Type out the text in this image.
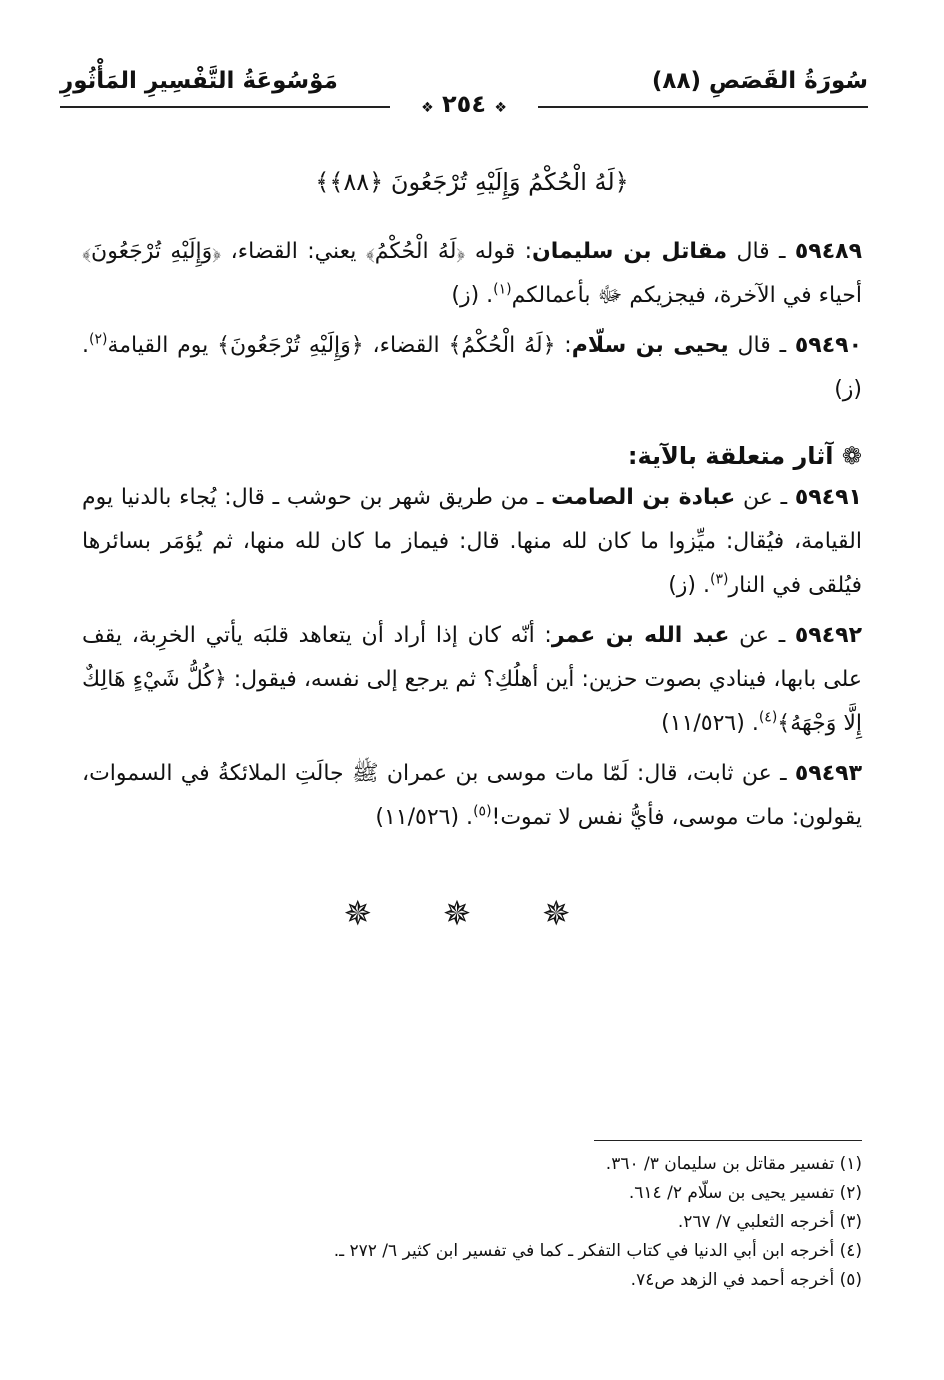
سُورَةُ القَصَصِ (٨٨)
مَوْسُوعَةُ التَّفْسِيرِ المَأْثُورِ
❖ ٢٥٤ ❖
﴿لَهُ الْحُكْمُ وَإِلَيْهِ تُرْجَعُونَ ﴿٨٨﴾﴾

٥٩٤٨٩ ـ قال مقاتل بن سليمان: قوله ﴿لَهُ الْحُكْمُ﴾ يعني: القضاء، ﴿وَإِلَيْهِ تُرْجَعُونَ﴾ أحياء في الآخرة، فيجزيكم ﷻ بأعمالكم$^{(١)}$. (ز)

٥٩٤٩٠ ـ قال يحيى بن سلّام: ﴿لَهُ الْحُكْمُ﴾ القضاء، ﴿وَإِلَيْهِ تُرْجَعُونَ﴾ يوم القيامة$^{(٢)}$. (ز)

❁ آثار متعلقة بالآية:

٥٩٤٩١ ـ عن عبادة بن الصامت ـ من طريق شهر بن حوشب ـ قال: يُجاء بالدنيا يوم القيامة، فيُقال: ميِّزوا ما كان لله منها. قال: فيماز ما كان لله منها، ثم يُؤمَر بسائرها فيُلقى في النار$^{(٣)}$. (ز)

٥٩٤٩٢ ـ عن عبد الله بن عمر: أنّه كان إذا أراد أن يتعاهد قلبَه يأتي الخرِبة، يقف على بابها، فينادي بصوت حزين: أين أهلُكِ؟ ثم يرجع إلى نفسه، فيقول: ﴿كُلُّ شَيْءٍ هَالِكٌ إِلَّا وَجْهَهُ﴾$^{(٤)}$. (١١/٥٢٦)

٥٩٤٩٣ ـ عن ثابت، قال: لَمّا مات موسى بن عمران ﷺ جالَتِ الملائكةُ في السموات، يقولون: مات موسى، فأيُّ نفس لا تموت!$^{(٥)}$. (١١/٥٢٦)

✵ ✵ ✵

(١) تفسير مقاتل بن سليمان ٣/ ٣٦٠.

(٢) تفسير يحيى بن سلّام ٢/ ٦١٤.

(٣) أخرجه الثعلبي ٧/ ٢٦٧.

(٤) أخرجه ابن أبي الدنيا في كتاب التفكر ـ كما في تفسير ابن كثير ٦/ ٢٧٢ ـ.

(٥) أخرجه أحمد في الزهد ص٧٤.
